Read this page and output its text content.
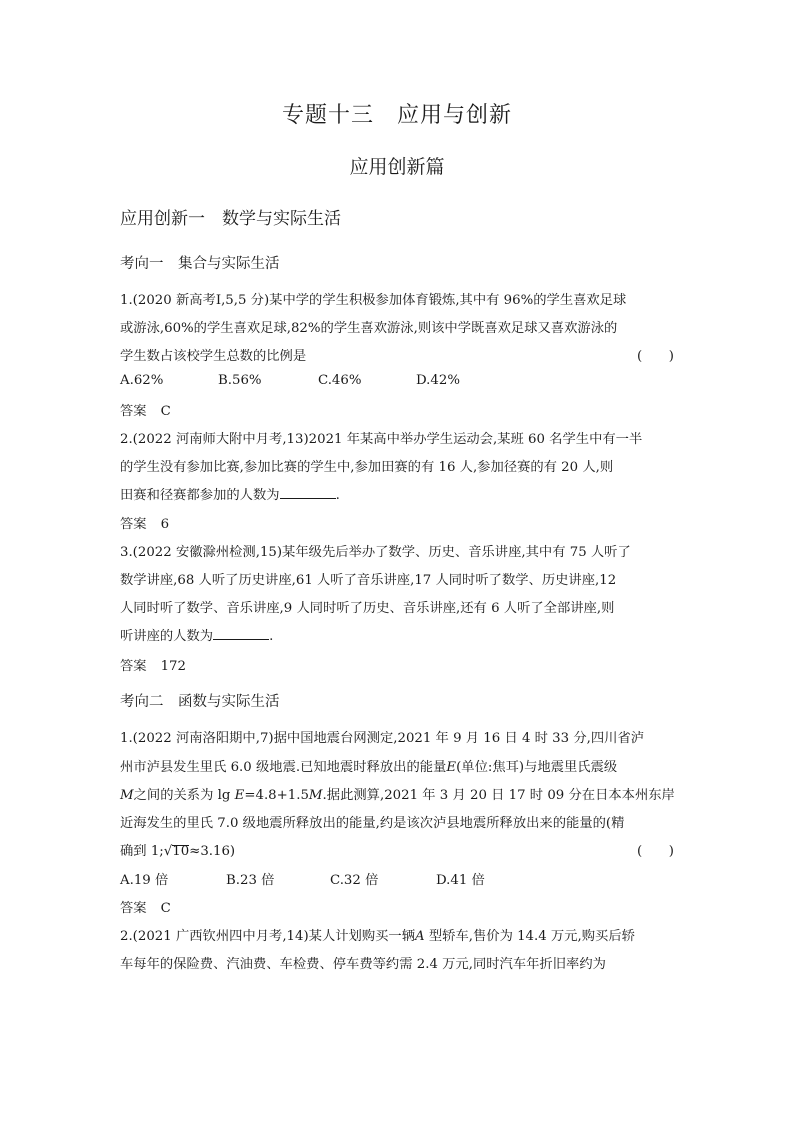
专题十三　应用与创新
应用创新篇
应用创新一　数学与实际生活
考向一　集合与实际生活
1.(2020 新高考Ⅰ,5,5 分)某中学的学生积极参加体育锻炼,其中有 96%的学生喜欢足球
或游泳,60%的学生喜欢足球,82%的学生喜欢游泳,则该中学既喜欢足球又喜欢游泳的
学生数占该校学生总数的比例是	(　　)
A.62%	B.56%	C.46%	D.42%
答案 C
2.(2022 河南师大附中月考,13)2021 年某高中举办学生运动会,某班 60 名学生中有一半
的学生没有参加比赛,参加比赛的学生中,参加田赛的有 16 人,参加径赛的有 20 人,则
田赛和径赛都参加的人数为	.
答案 6
3.(2022 安徽滁州检测,15)某年级先后举办了数学、历史、音乐讲座,其中有 75 人听了
数学讲座,68 人听了历史讲座,61 人听了音乐讲座,17 人同时听了数学、历史讲座,12
人同时听了数学、音乐讲座,9 人同时听了历史、音乐讲座,还有 6 人听了全部讲座,则
听讲座的人数为	.
答案 172
考向二　函数与实际生活
1.(2022 河南洛阳期中,7)据中国地震台网测定,2021 年 9 月 16 日 4 时 33 分,四川省泸
州市泸县发生里氏 6.0 级地震.已知地震时释放出的能量E(单位:焦耳)与地震里氏震级
M之间的关系为 lg E=4.8+1.5M.据此测算,2021 年 3 月 20 日 17 时 09 分在日本本州东岸
近海发生的里氏 7.0 级地震所释放出的能量,约是该次泸县地震所释放出来的能量的(精
确到 1;√10≈3.16)	(　　)
A.19 倍	B.23 倍	C.32 倍	D.41 倍
答案 C
2.(2021 广西钦州四中月考,14)某人计划购买一辆A 型轿车,售价为 14.4 万元,购买后轿
车每年的保险费、汽油费、车检费、停车费等约需 2.4 万元,同时汽车年折旧率约为
